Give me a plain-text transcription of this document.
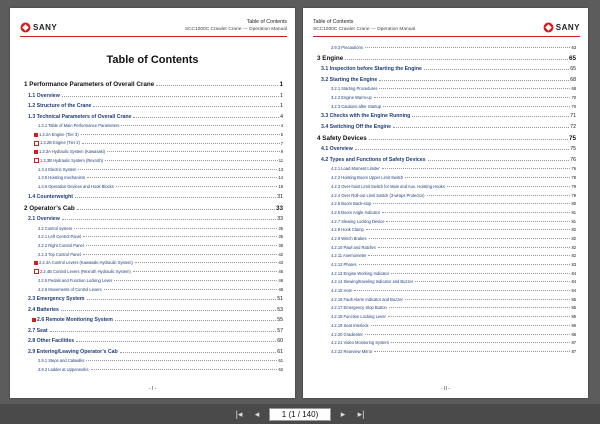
SANY
Table of Contents
SCC1000C Crawler Crane — Operation Manual
Table of Contents
1 Performance Parameters of Overall Crane	1
1.1 Overview	1
1.2 Structure of the Crane	1
1.3 Technical Parameters of Overall Crane	4
1.3.1 Table of Main Performance Parameters	4
1.3.2A Engine (Tier 3)	5
1.3.2B Engine (Tier 2)	7
1.3.3A Hydraulic System (Kawasaki)	9
1.3.3B Hydraulic System (Rexroth)	11
1.3.4 Electric System	13
1.3.5 Hoisting mechanism	14
1.3.6 Operation Devices and Hook Blocks	15
1.4 Counterweight	31
2 Operator’s Cab	33
2.1 Overview	33
2.2 Control system	35
2.2.1 Left Control Panel	35
2.2.2 Right Control Panel	38
2.2.3 Top Control Panel	42
2.2.4A Control Levers (Kawasaki Hydraulic System)	43
2.2.4B Control Levers (Rexroth Hydraulic System)	45
2.2.5 Pedals and Function Locking Lever	46
2.2.6 Movements of Control Levers	49
2.3 Emergency System	51
2.4 Batteries	53
2.6 Remote Monitoring System	55
2.7 Seat	57
2.8 Other Facilities	60
2.9 Entering/Leaving Operator’s Cab	61
2.9.1 Steps and Catwalks	61
2.9.2 Ladder at Upperworks	62
- I -
Table of Contents
SCC1000C Crawler Crane — Operation Manual	SANY
2.9.3 Precautions	63
3 Engine	65
3.1 Inspection before Starting the Engine	65
3.2 Starting the Engine	68
3.2.1 Starting Procedures	68
3.2.2 Engine Warm-up	70
3.2.3 Cautions after Startup	70
3.3 Checks with the Engine Running	71
3.4 Switching Off the Engine	72
4 Safety Devices	75
4.1 Overview	75
4.2 Types and Functions of Safety Devices	76
4.2.1 Load Moment Limiter	76
4.2.2 Hoisting Boom Upper Limit Switch	78
4.2.3 Over-hoist Limit Switch for Main and Aux. Hoisting Hooks	79
4.2.4 Over Roll-out Limit Switch (3-wraps Protector)	79
4.2.5 Boom Back-stop	80
4.2.6 Boom Angle Indicator	81
4.2.7 Slewing Locking Device	81
4.2.8 Hook Clamp	82
4.2.9 Winch Brakes	82
4.2.10 Pawl and Ratchet	82
4.2.11 Anemometer	82
4.2.12 Phares	83
4.2.13 Engine Working Indicator	84
4.2.14 Slewing/traveling Indicator and Buzzer	84
4.2.15 Horn	84
4.2.16 Fault Alarm Indicator and Buzzer	85
4.2.17 Emergency Stop Button	85
4.2.18 Function Locking Lever	85
4.2.19 Seat Interlock	86
4.2.20 Gradienter	86
4.2.21 Video Monitoring System	87
4.2.22 Rearview Mirror	87
- II -
|◂	◂	1 (1 / 140)	▸	▸|
